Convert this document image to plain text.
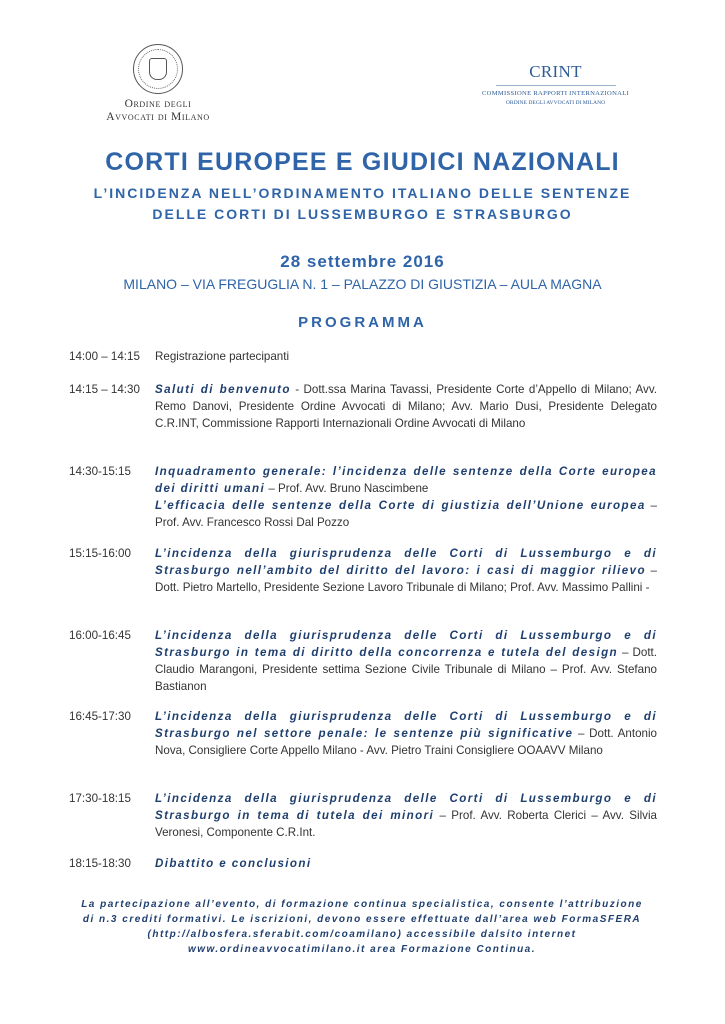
Ordine degli
Avvocati di Milano
CRINT
COMMISSIONE RAPPORTI INTERNAZIONALI
ORDINE DEGLI AVVOCATI DI MILANO
CORTI EUROPEE E GIUDICI NAZIONALI
L’INCIDENZA NELL’ORDINAMENTO ITALIANO DELLE SENTENZE
DELLE CORTI DI LUSSEMBURGO E STRASBURGO
28 settembre 2016
MILANO – VIA FREGUGLIA N. 1 – PALAZZO DI GIUSTIZIA – AULA MAGNA
PROGRAMMA
14:00 – 14:15	Registrazione partecipanti
14:15 – 14:30	Saluti di benvenuto - Dott.ssa Marina Tavassi, Presidente Corte d’Appello di Milano; Avv. Remo Danovi, Presidente Ordine Avvocati di Milano; Avv. Mario Dusi, Presidente Delegato C.R.INT, Commissione Rapporti Internazionali Ordine Avvocati di Milano
14:30-15:15	Inquadramento generale: l’incidenza delle sentenze della Corte europea dei diritti umani – Prof. Avv. Bruno Nascimbene
L’efficacia delle sentenze della Corte di giustizia dell’Unione europea – Prof. Avv. Francesco Rossi Dal Pozzo
15:15-16:00	L’incidenza della giurisprudenza delle Corti di Lussemburgo e di Strasburgo nell’ambito del diritto del lavoro: i casi di maggior rilievo – Dott. Pietro Martello, Presidente Sezione Lavoro Tribunale di Milano; Prof. Avv. Massimo Pallini -
16:00-16:45	L’incidenza della giurisprudenza delle Corti di Lussemburgo e di Strasburgo in tema di diritto della concorrenza e tutela del design – Dott. Claudio Marangoni, Presidente settima Sezione Civile Tribunale di Milano – Prof. Avv. Stefano Bastianon
16:45-17:30	L’incidenza della giurisprudenza delle Corti di Lussemburgo e di Strasburgo nel settore penale: le sentenze più significative – Dott. Antonio Nova, Consigliere Corte Appello Milano - Avv. Pietro Traini Consigliere OOAAVV Milano
17:30-18:15	L’incidenza della giurisprudenza delle Corti di Lussemburgo e di Strasburgo in tema di tutela dei minori – Prof. Avv. Roberta Clerici – Avv. Silvia Veronesi, Componente C.R.Int.
18:15-18:30	Dibattito e conclusioni
La partecipazione all’evento, di formazione continua specialistica, consente l’attribuzione
di n.3 crediti formativi. Le iscrizioni, devono essere effettuate dall’area web FormaSFERA
(http://albosfera.sferabit.com/coamilano) accessibile dalsito internet
www.ordineavvocatimilano.it area Formazione Continua.
